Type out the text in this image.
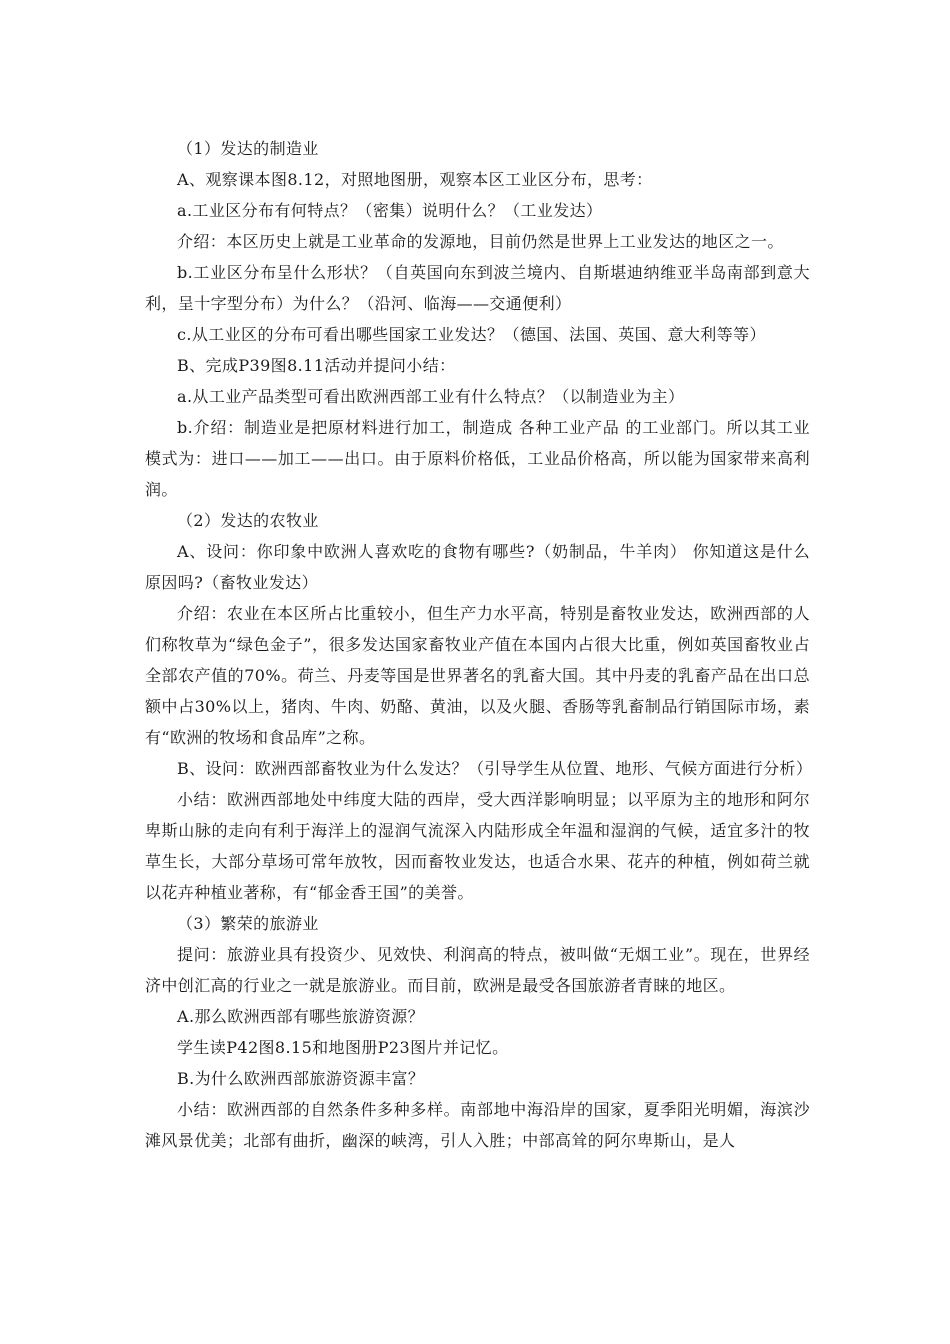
（1）发达的制造业

A、观察课本图8.12，对照地图册，观察本区工业区分布，思考：

a.工业区分布有何特点？（密集）说明什么？（工业发达）

介绍：本区历史上就是工业革命的发源地，目前仍然是世界上工业发达的地区之一。

b.工业区分布呈什么形状？（自英国向东到波兰境内、自斯堪迪纳维亚半岛南部到意大利，呈十字型分布）为什么？（沿河、临海——交通便利）

c.从工业区的分布可看出哪些国家工业发达？（德国、法国、英国、意大利等等）

B、完成P39图8.11活动并提问小结：

a.从工业产品类型可看出欧洲西部工业有什么特点？（以制造业为主）

b.介绍：制造业是把原材料进行加工，制造成 各种工业产品 的工业部门。所以其工业模式为：进口——加工——出口。由于原料价格低，工业品价格高，所以能为国家带来高利润。

（2）发达的农牧业

A、设问：你印象中欧洲人喜欢吃的食物有哪些?（奶制品，牛羊肉） 你知道这是什么原因吗?（畜牧业发达）

介绍：农业在本区所占比重较小，但生产力水平高，特别是畜牧业发达，欧洲西部的人们称牧草为“绿色金子”，很多发达国家畜牧业产值在本国内占很大比重，例如英国畜牧业占全部农产值的70%。荷兰、丹麦等国是世界著名的乳畜大国。其中丹麦的乳畜产品在出口总额中占30%以上，猪肉、牛肉、奶酪、黄油，以及火腿、香肠等乳畜制品行销国际市场，素有“欧洲的牧场和食品库”之称。

B、设问：欧洲西部畜牧业为什么发达？（引导学生从位置、地形、气候方面进行分析）

小结：欧洲西部地处中纬度大陆的西岸，受大西洋影响明显；以平原为主的地形和阿尔卑斯山脉的走向有利于海洋上的湿润气流深入内陆形成全年温和湿润的气候，适宜多汁的牧草生长，大部分草场可常年放牧，因而畜牧业发达，也适合水果、花卉的种植，例如荷兰就以花卉种植业著称，有“郁金香王国”的美誉。

（3）繁荣的旅游业

提问：旅游业具有投资少、见效快、利润高的特点，被叫做“无烟工业”。现在，世界经济中创汇高的行业之一就是旅游业。而目前，欧洲是最受各国旅游者青睐的地区。

A.那么欧洲西部有哪些旅游资源？

学生读P42图8.15和地图册P23图片并记忆。

B.为什么欧洲西部旅游资源丰富？

小结：欧洲西部的自然条件多种多样。南部地中海沿岸的国家，夏季阳光明媚，海滨沙滩风景优美；北部有曲折，幽深的峡湾，引人入胜；中部高耸的阿尔卑斯山，是人
